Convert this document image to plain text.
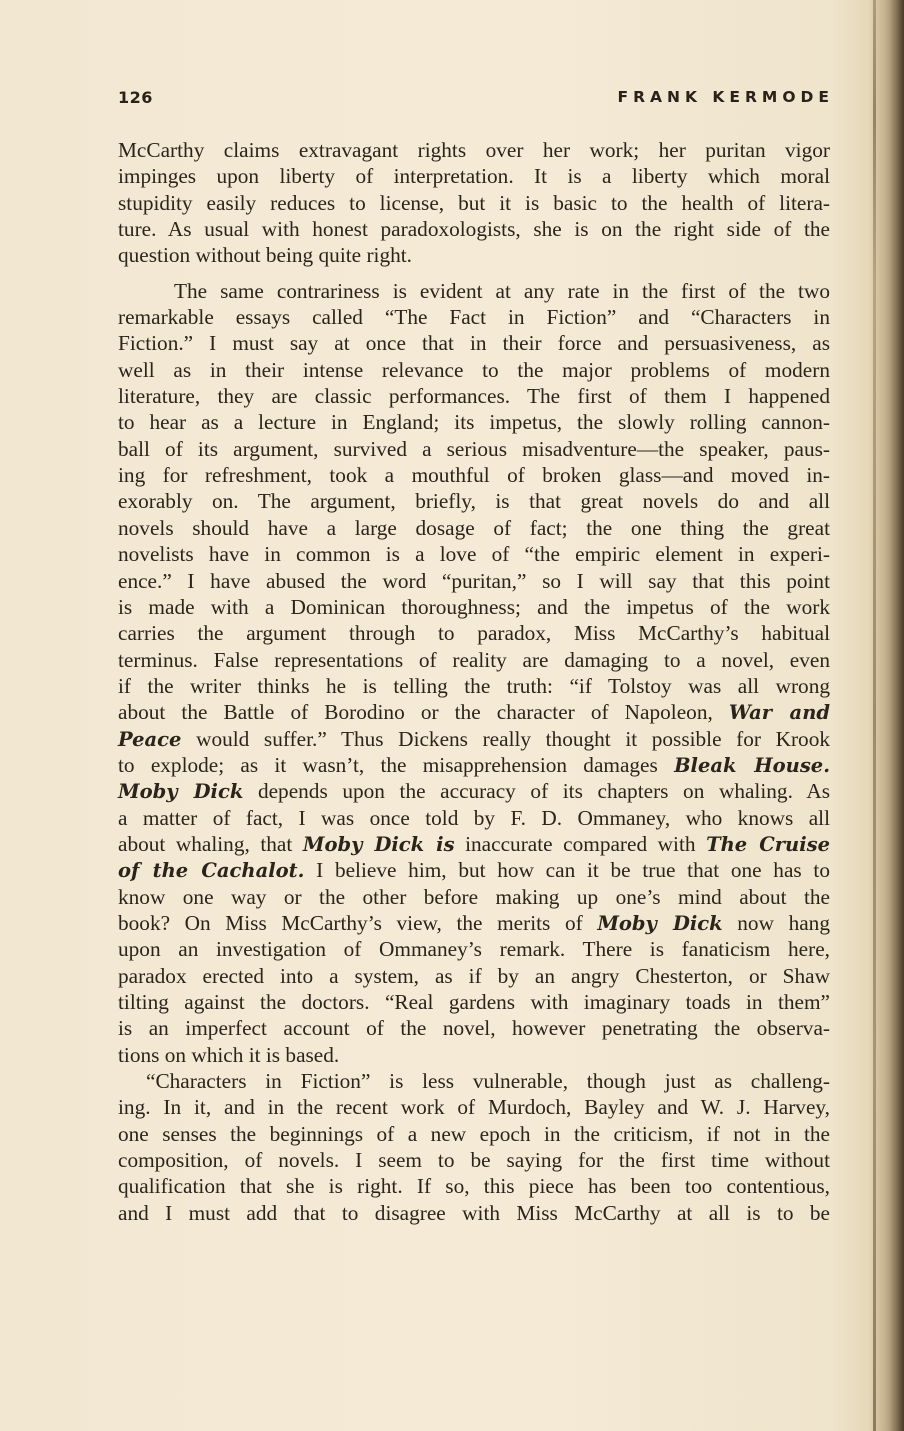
126	FRANK KERMODE
McCarthy claims extravagant rights over her work; her puritan vigor
impinges upon liberty of interpretation. It is a liberty which moral
stupidity easily reduces to license, but it is basic to the health of litera-
ture. As usual with honest paradoxologists, she is on the right side of the
question without being quite right.
The same contrariness is evident at any rate in the first of the two
remarkable essays called “The Fact in Fiction” and “Characters in
Fiction.” I must say at once that in their force and persuasiveness, as
well as in their intense relevance to the major problems of modern
literature, they are classic performances. The first of them I happened
to hear as a lecture in England; its impetus, the slowly rolling cannon-
ball of its argument, survived a serious misadventure—the speaker, paus-
ing for refreshment, took a mouthful of broken glass—and moved in-
exorably on. The argument, briefly, is that great novels do and all
novels should have a large dosage of fact; the one thing the great
novelists have in common is a love of “the empiric element in experi-
ence.” I have abused the word “puritan,” so I will say that this point
is made with a Dominican thoroughness; and the impetus of the work
carries the argument through to paradox, Miss McCarthy’s habitual
terminus. False representations of reality are damaging to a novel, even
if the writer thinks he is telling the truth: “if Tolstoy was all wrong
about the Battle of Borodino or the character of Napoleon, War and
Peace would suffer.” Thus Dickens really thought it possible for Krook
to explode; as it wasn’t, the misapprehension damages Bleak House.
Moby Dick depends upon the accuracy of its chapters on whaling. As
a matter of fact, I was once told by F. D. Ommaney, who knows all
about whaling, that Moby Dick is inaccurate compared with The Cruise
of the Cachalot. I believe him, but how can it be true that one has to
know one way or the other before making up one’s mind about the
book? On Miss McCarthy’s view, the merits of Moby Dick now hang
upon an investigation of Ommaney’s remark. There is fanaticism here,
paradox erected into a system, as if by an angry Chesterton, or Shaw
tilting against the doctors. “Real gardens with imaginary toads in them”
is an imperfect account of the novel, however penetrating the observa-
tions on which it is based.
“Characters in Fiction” is less vulnerable, though just as challeng-
ing. In it, and in the recent work of Murdoch, Bayley and W. J. Harvey,
one senses the beginnings of a new epoch in the criticism, if not in the
composition, of novels. I seem to be saying for the first time without
qualification that she is right. If so, this piece has been too contentious,
and I must add that to disagree with Miss McCarthy at all is to be
